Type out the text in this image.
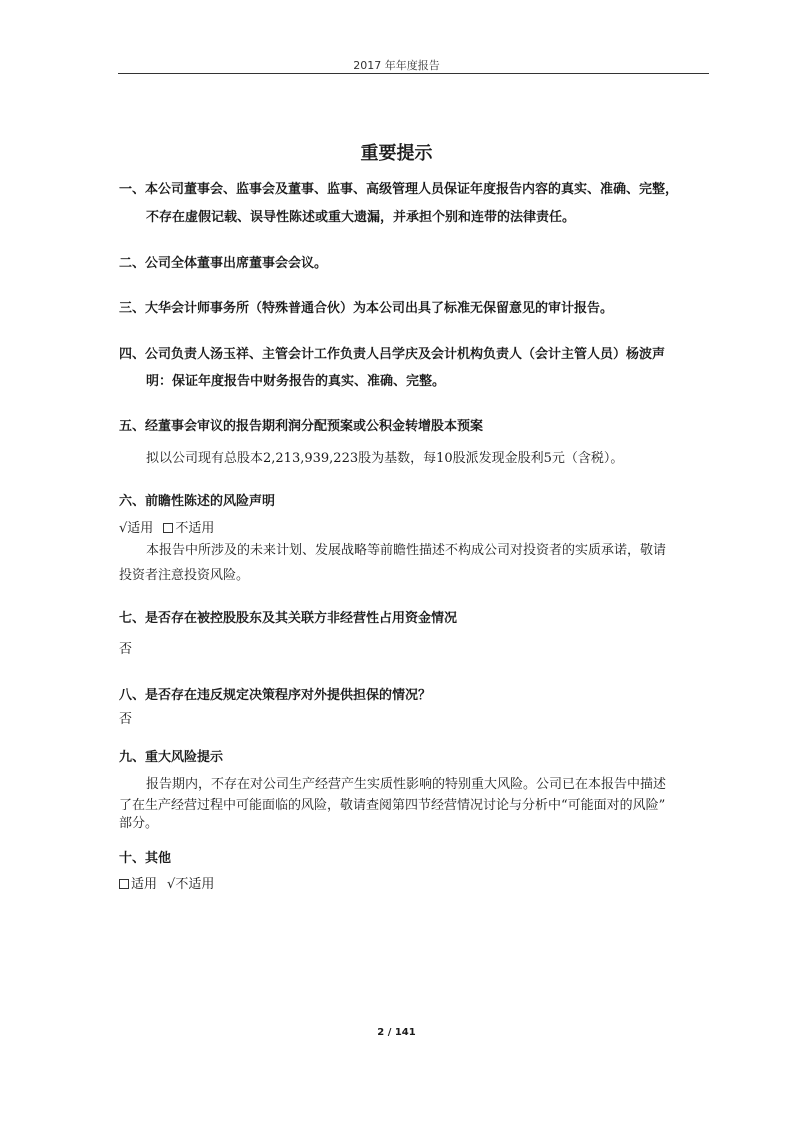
2017 年年度报告
重要提示
一、本公司董事会、监事会及董事、监事、高级管理人员保证年度报告内容的真实、准确、完整，
不存在虚假记载、误导性陈述或重大遗漏，并承担个别和连带的法律责任。
二、公司全体董事出席董事会会议。
三、大华会计师事务所（特殊普通合伙）为本公司出具了标准无保留意见的审计报告。
四、公司负责人汤玉祥、主管会计工作负责人吕学庆及会计机构负责人（会计主管人员）杨波声
明：保证年度报告中财务报告的真实、准确、完整。
五、经董事会审议的报告期利润分配预案或公积金转增股本预案
拟以公司现有总股本2,213,939,223股为基数，每10股派发现金股利5元（含税）。
六、前瞻性陈述的风险声明
√适用 不适用
本报告中所涉及的未来计划、发展战略等前瞻性描述不构成公司对投资者的实质承诺，敬请
投资者注意投资风险。
七、是否存在被控股股东及其关联方非经营性占用资金情况
否
八、是否存在违反规定决策程序对外提供担保的情况？
否
九、重大风险提示
报告期内，不存在对公司生产经营产生实质性影响的特别重大风险。公司已在本报告中描述
了在生产经营过程中可能面临的风险，敬请查阅第四节经营情况讨论与分析中“可能面对的风险”
部分。
十、其他
适用 √不适用
2 / 141
